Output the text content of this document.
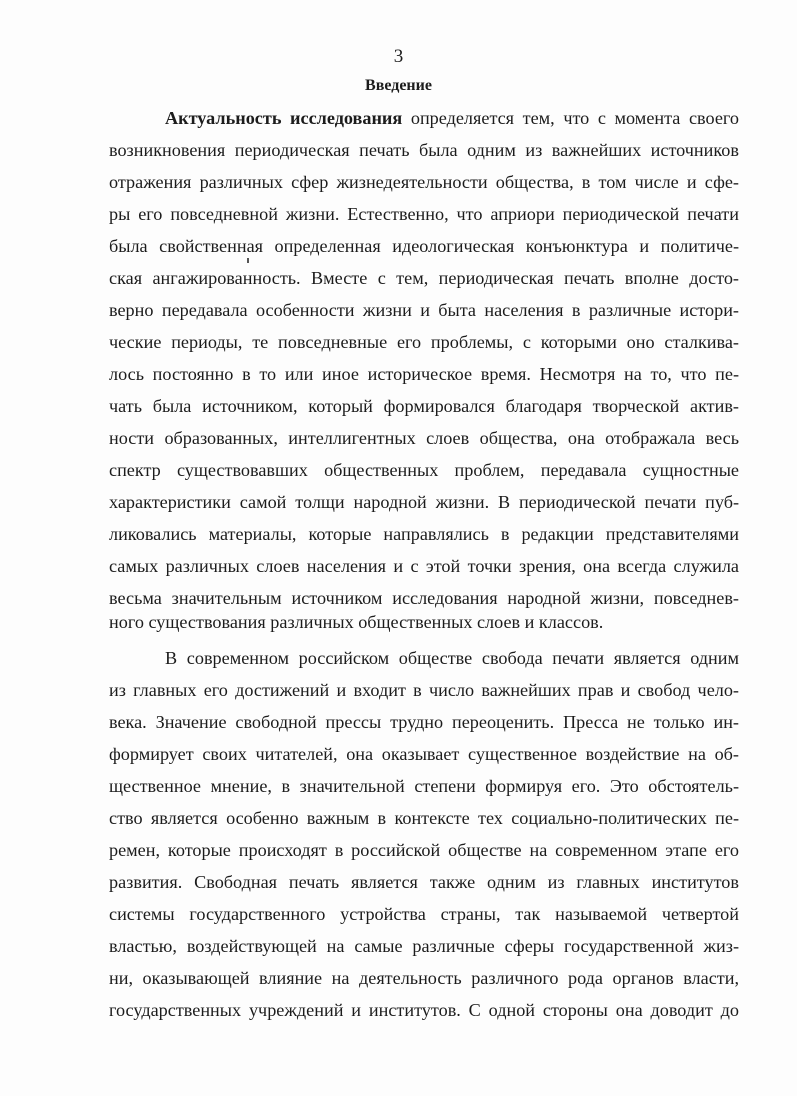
3
Введение
Актуальность исследования определяется тем, что с момента своего
возникновения периодическая печать была одним из важнейших источников
отражения различных сфер жизнедеятельности общества, в том числе и сфе-
ры его повседневной жизни. Естественно, что априори периодической печати
была свойственная определенная идеологическая конъюнктура и политиче-
ская ангажированность. Вместе с тем, периодическая печать вполне досто-
верно передавала особенности жизни и быта населения в различные истори-
ческие периоды, те повседневные его проблемы, с которыми оно сталкива-
лось постоянно в то или иное историческое время. Несмотря на то, что пе-
чать была источником, который формировался благодаря творческой актив-
ности образованных, интеллигентных слоев общества, она отображала весь
спектр существовавших общественных проблем, передавала сущностные
характеристики самой толщи народной жизни. В периодической печати пуб-
ликовались материалы, которые направлялись в редакции представителями
самых различных слоев населения и с этой точки зрения, она всегда служила
весьма значительным источником исследования народной жизни, повседнев-
ного существования различных общественных слоев и классов.
В современном российском обществе свобода печати является одним
из главных его достижений и входит в число важнейших прав и свобод чело-
века. Значение свободной прессы трудно переоценить. Пресса не только ин-
формирует своих читателей, она оказывает существенное воздействие на об-
щественное мнение, в значительной степени формируя его. Это обстоятель-
ство является особенно важным в контексте тех социально-политических пе-
ремен, которые происходят в российской обществе на современном этапе его
развития. Свободная печать является также одним из главных институтов
системы государственного устройства страны, так называемой четвертой
властью, воздействующей на самые различные сферы государственной жиз-
ни, оказывающей влияние на деятельность различного рода органов власти,
государственных учреждений и институтов. С одной стороны она доводит до
